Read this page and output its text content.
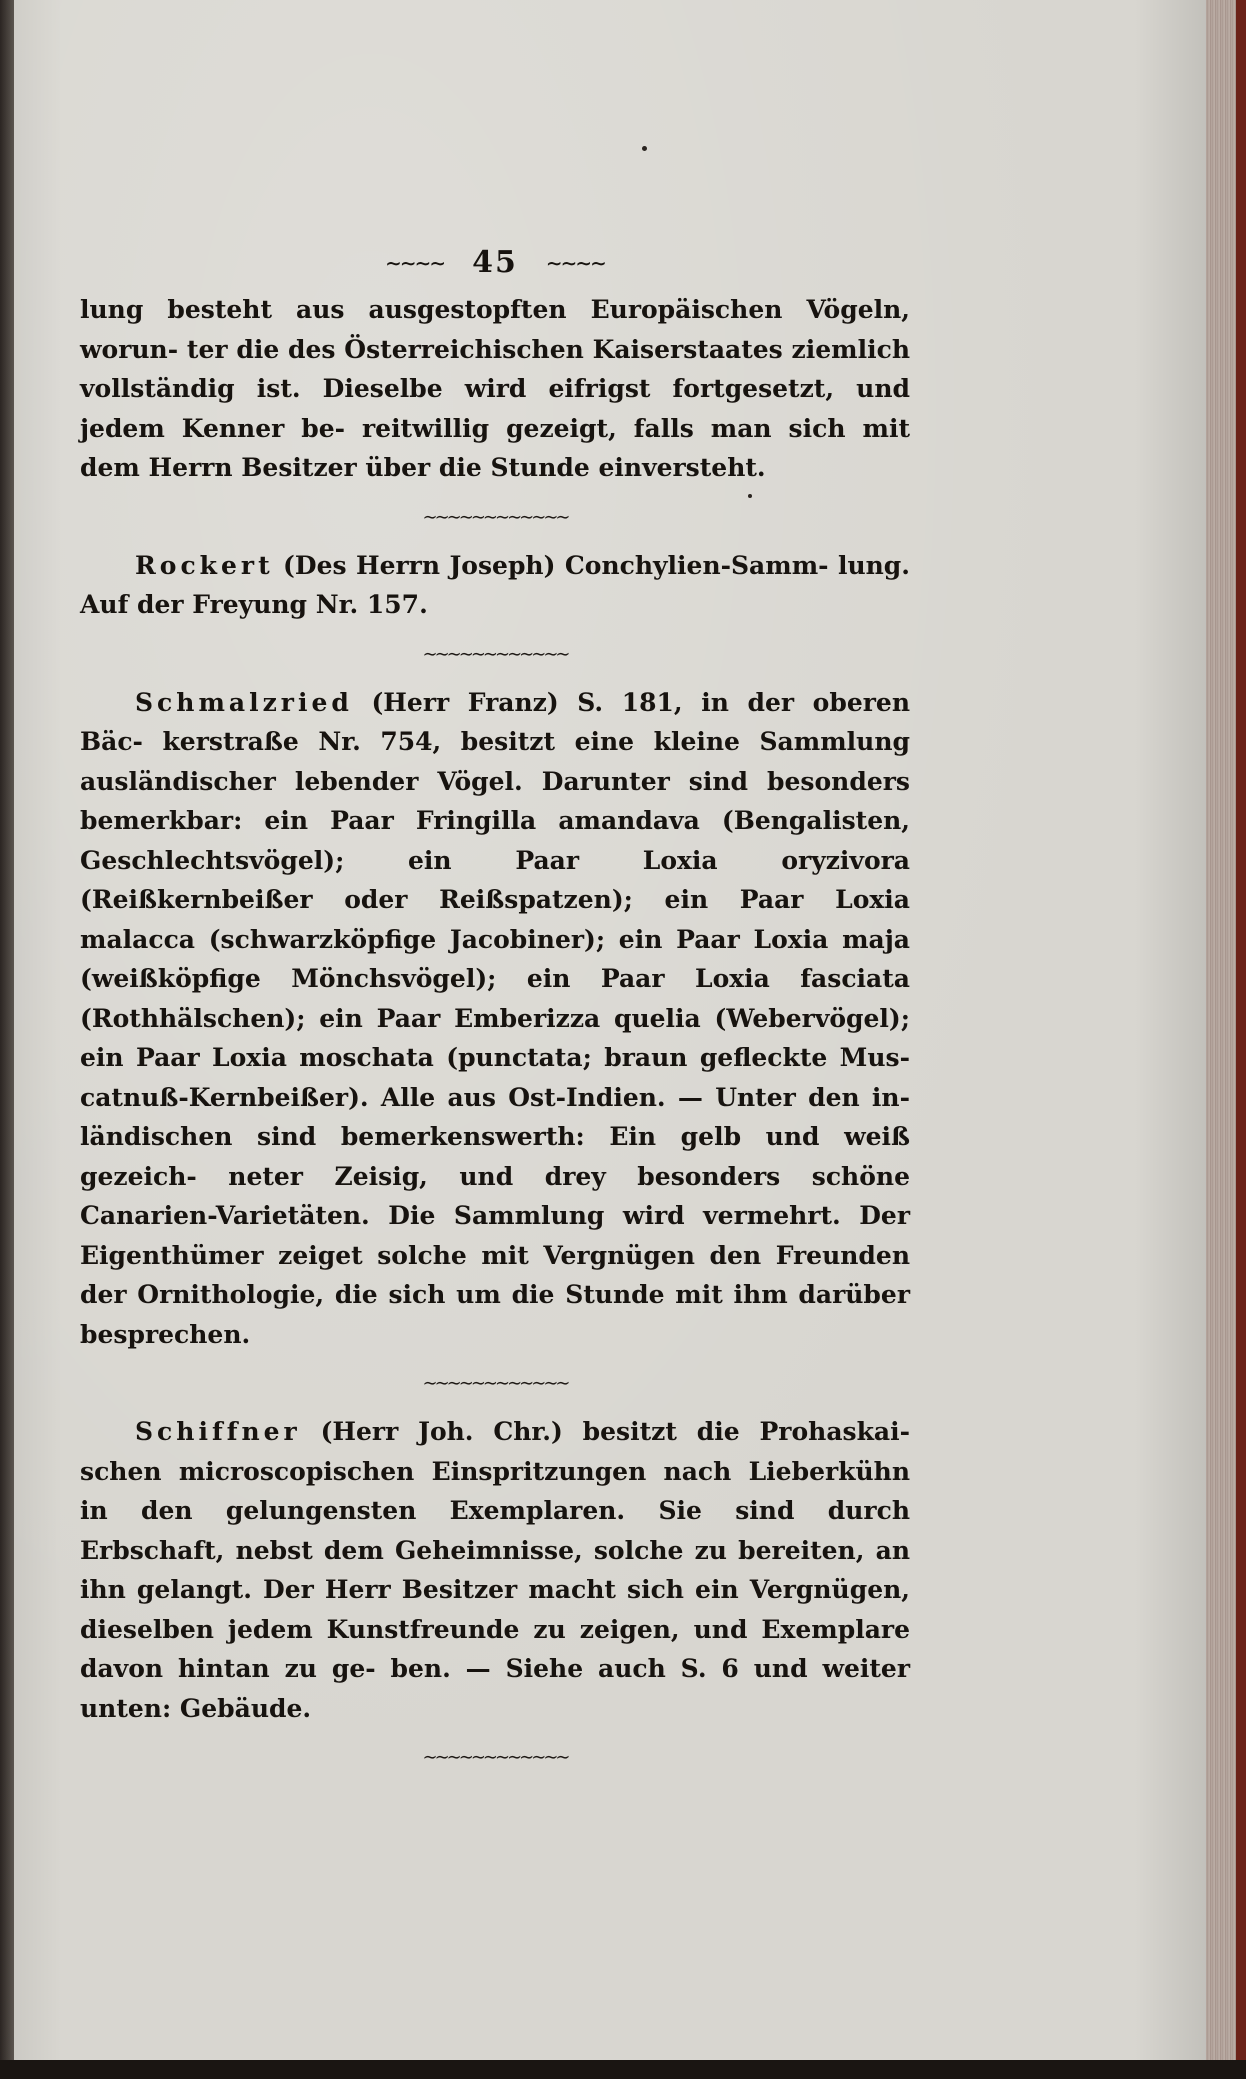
∼∼∼∼ 45 ∼∼∼∼

lung besteht aus ausgestopften Europäischen Vögeln, worun- ter die des Österreichischen Kaiserstaates ziemlich vollständig ist. Dieselbe wird eifrigst fortgesetzt, und jedem Kenner be- reitwillig gezeigt, falls man sich mit dem Herrn Besitzer über die Stunde einversteht.

∼∼∼∼∼∼∼∼∼∼∼∼

Rockert (Des Herrn Joseph) Conchylien-Samm- lung. Auf der Freyung Nr. 157.

∼∼∼∼∼∼∼∼∼∼∼∼

Schmalzried (Herr Franz) S. 181, in der oberen Bäc- kerstraße Nr. 754, besitzt eine kleine Sammlung ausländischer lebender Vögel. Darunter sind besonders bemerkbar: ein Paar Fringilla amandava (Bengalisten, Geschlechtsvögel); ein Paar Loxia oryzivora (Reißkernbeißer oder Reißspatzen); ein Paar Loxia malacca (schwarzköpfige Jacobiner); ein Paar Loxia maja (weißköpfige Mönchsvögel); ein Paar Loxia fasciata (Rothhälschen); ein Paar Emberizza quelia (Webervögel); ein Paar Loxia moschata (punctata; braun gefleckte Mus- catnuß-Kernbeißer). Alle aus Ost-Indien. — Unter den in- ländischen sind bemerkenswerth: Ein gelb und weiß gezeich- neter Zeisig, und drey besonders schöne Canarien-Varietäten. Die Sammlung wird vermehrt. Der Eigenthümer zeiget solche mit Vergnügen den Freunden der Ornithologie, die sich um die Stunde mit ihm darüber besprechen.

∼∼∼∼∼∼∼∼∼∼∼∼

Schiffner (Herr Joh. Chr.) besitzt die Prohaskai- schen microscopischen Einspritzungen nach Lieberkühn in den gelungensten Exemplaren. Sie sind durch Erbschaft, nebst dem Geheimnisse, solche zu bereiten, an ihn gelangt. Der Herr Besitzer macht sich ein Vergnügen, dieselben jedem Kunstfreunde zu zeigen, und Exemplare davon hintan zu ge- ben. — Siehe auch S. 6 und weiter unten: Gebäude.

∼∼∼∼∼∼∼∼∼∼∼∼
